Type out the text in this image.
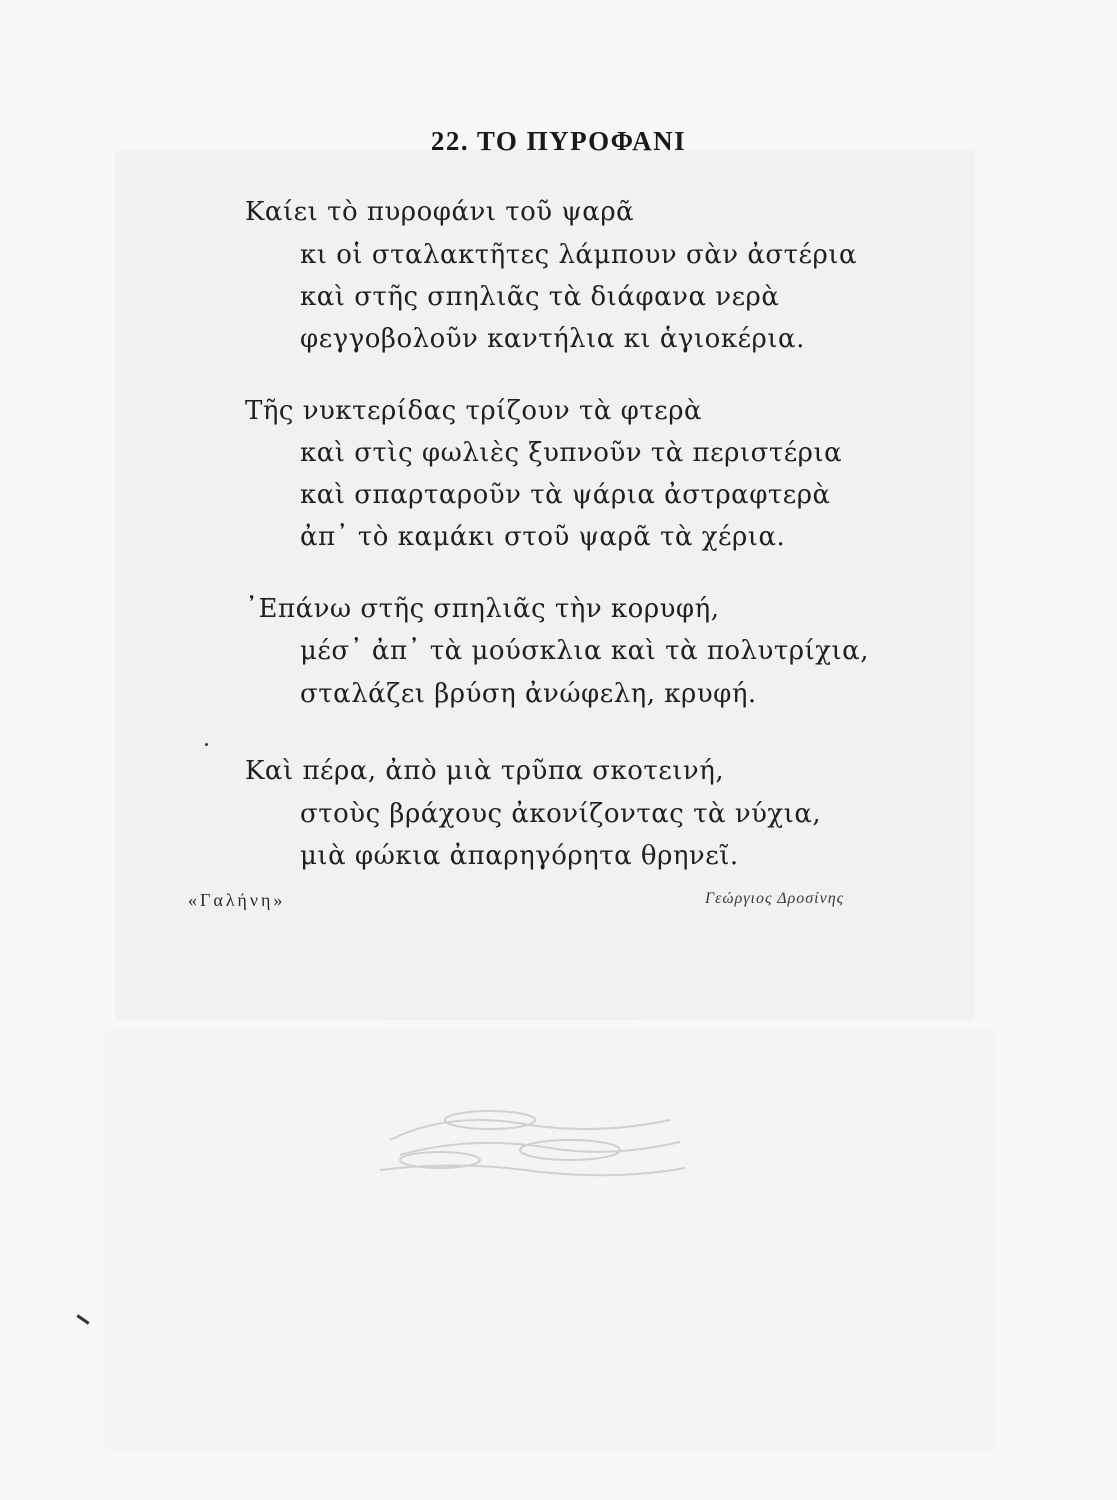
22. ΤΟ ΠΥΡΟΦΑΝΙ
Καίει τὸ πυροφάνι τοῦ ψαρᾶ
κι οἱ σταλακτῆτες λάμπουν σὰν ἀστέρια
καὶ στῆς σπηλιᾶς τὰ διάφανα νερὰ
φεγγοβολοῦν καντήλια κι ἁγιοκέρια.
Τῆς νυκτερίδας τρίζουν τὰ φτερὰ
καὶ στὶς φωλιὲς ξυπνοῦν τὰ περιστέρια
καὶ σπαρταροῦν τὰ ψάρια ἀστραφτερὰ
ἀπ᾿ τὸ καμάκι στοῦ ψαρᾶ τὰ χέρια.
᾿Επάνω στῆς σπηλιᾶς τὴν κορυφή,
μέσ᾿ ἀπ᾿ τὰ μούσκλια καὶ τὰ πολυτρίχια,
σταλάζει βρύση ἀνώφελη, κρυφή.
Καὶ πέρα, ἀπὸ μιὰ τρῦπα σκοτεινή,
στοὺς βράχους ἀκονίζοντας τὰ νύχια,
μιὰ φώκια ἀπαρηγόρητα θρηνεῖ.
«Γαλήνη»	Γεώργιος Δροσίνης
